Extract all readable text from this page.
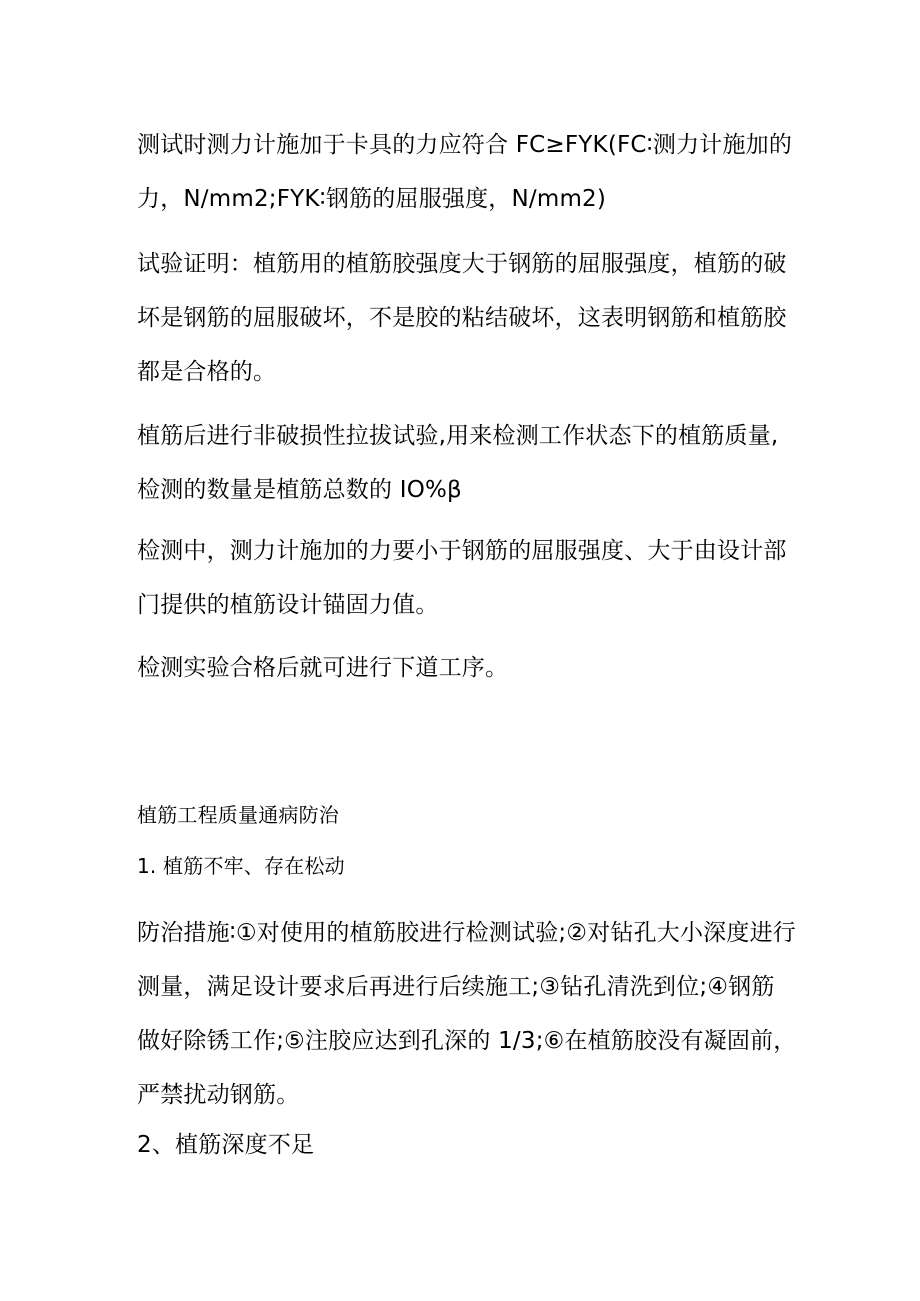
测试时测力计施加于卡具的力应符合 FC≥FYK(FC∶测力计施加的力，N∕mm2;FYK∶钢筋的屈服强度，N∕mm2)

试验证明：植筋用的植筋胶强度大于钢筋的屈服强度，植筋的破坏是钢筋的屈服破坏，不是胶的粘结破坏，这表明钢筋和植筋胶都是合格的。

植筋后进行非破损性拉拔试验,用来检测工作状态下的植筋质量,检测的数量是植筋总数的 IO%β

检测中，测力计施加的力要小于钢筋的屈服强度、大于由设计部门提供的植筋设计锚固力值。

检测实验合格后就可进行下道工序。

植筋工程质量通病防治

1. 植筋不牢、存在松动

防治措施∶①对使用的植筋胶进行检测试验;②对钻孔大小深度进行测量，满足设计要求后再进行后续施工;③钻孔清洗到位;④钢筋做好除锈工作;⑤注胶应达到孔深的 1/3;⑥在植筋胶没有凝固前，严禁扰动钢筋。

2、植筋深度不足
